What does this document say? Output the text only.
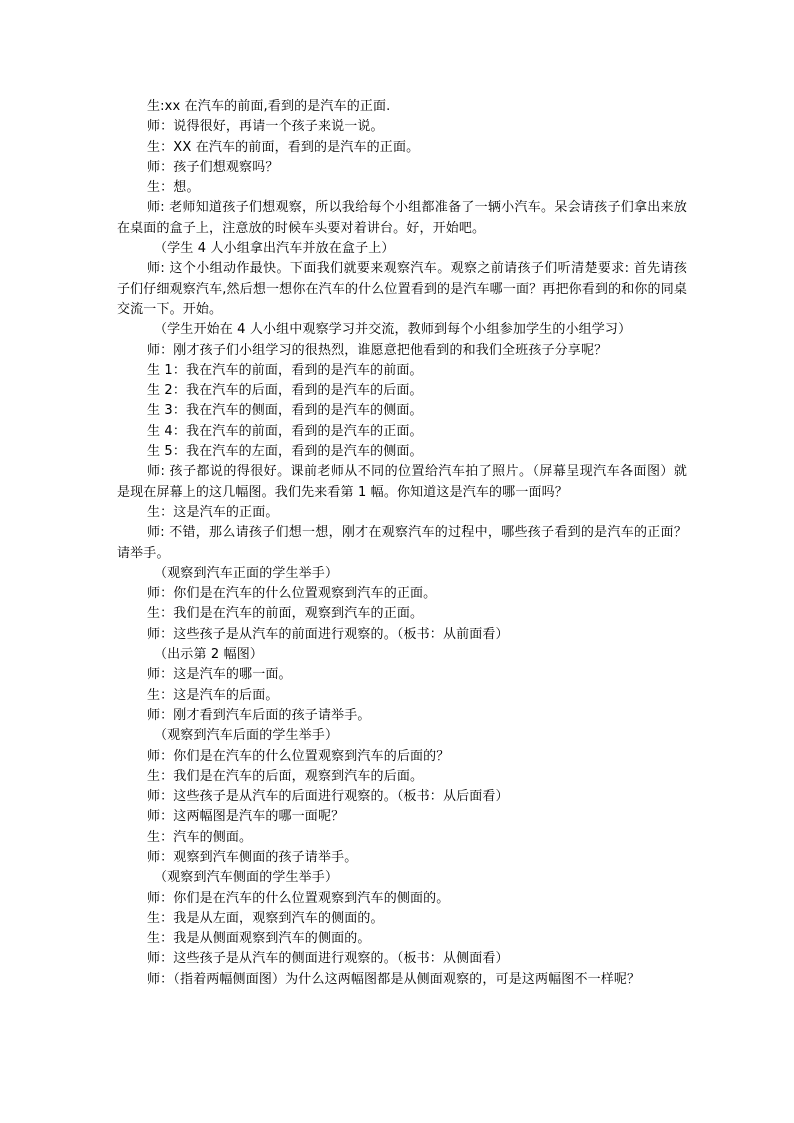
生:xx 在汽车的前面,看到的是汽车的正面.

师：说得很好，再请一个孩子来说一说。

生：XX 在汽车的前面，看到的是汽车的正面。

师：孩子们想观察吗？

生：想。

师: 老师知道孩子们想观察，所以我给每个小组都准备了一辆小汽车。呆会请孩子们拿出来放在桌面的盒子上，注意放的时候车头要对着讲台。好，开始吧。

（学生 4 人小组拿出汽车并放在盒子上）

师: 这个小组动作最快。下面我们就要来观察汽车。观察之前请孩子们听清楚要求: 首先请孩子们仔细观察汽车,然后想一想你在汽车的什么位置看到的是汽车哪一面？再把你看到的和你的同桌交流一下。开始。

（学生开始在 4 人小组中观察学习并交流，教师到每个小组参加学生的小组学习）

师：刚才孩子们小组学习的很热烈，谁愿意把他看到的和我们全班孩子分享呢？

生 1：我在汽车的前面，看到的是汽车的前面。

生 2：我在汽车的后面，看到的是汽车的后面。

生 3：我在汽车的侧面，看到的是汽车的侧面。

生 4：我在汽车的前面，看到的是汽车的正面。

生 5：我在汽车的左面，看到的是汽车的侧面。

师: 孩子都说的得很好。课前老师从不同的位置给汽车拍了照片。（屏幕呈现汽车各面图）就是现在屏幕上的这几幅图。我们先来看第 1 幅。你知道这是汽车的哪一面吗？

生：这是汽车的正面。

师: 不错，那么请孩子们想一想，刚才在观察汽车的过程中，哪些孩子看到的是汽车的正面？请举手。

（观察到汽车正面的学生举手）

师：你们是在汽车的什么位置观察到汽车的正面。

生：我们是在汽车的前面，观察到汽车的正面。

师：这些孩子是从汽车的前面进行观察的。（板书：从前面看）

（出示第 2 幅图）

师：这是汽车的哪一面。

生：这是汽车的后面。

师：刚才看到汽车后面的孩子请举手。

（观察到汽车后面的学生举手）

师：你们是在汽车的什么位置观察到汽车的后面的？

生：我们是在汽车的后面，观察到汽车的后面。

师：这些孩子是从汽车的后面进行观察的。（板书：从后面看）

师：这两幅图是汽车的哪一面呢？

生：汽车的侧面。

师：观察到汽车侧面的孩子请举手。

（观察到汽车侧面的学生举手）

师：你们是在汽车的什么位置观察到汽车的侧面的。

生：我是从左面，观察到汽车的侧面的。

生：我是从侧面观察到汽车的侧面的。

师：这些孩子是从汽车的侧面进行观察的。（板书：从侧面看）

师：（指着两幅侧面图）为什么这两幅图都是从侧面观察的，可是这两幅图不一样呢？
